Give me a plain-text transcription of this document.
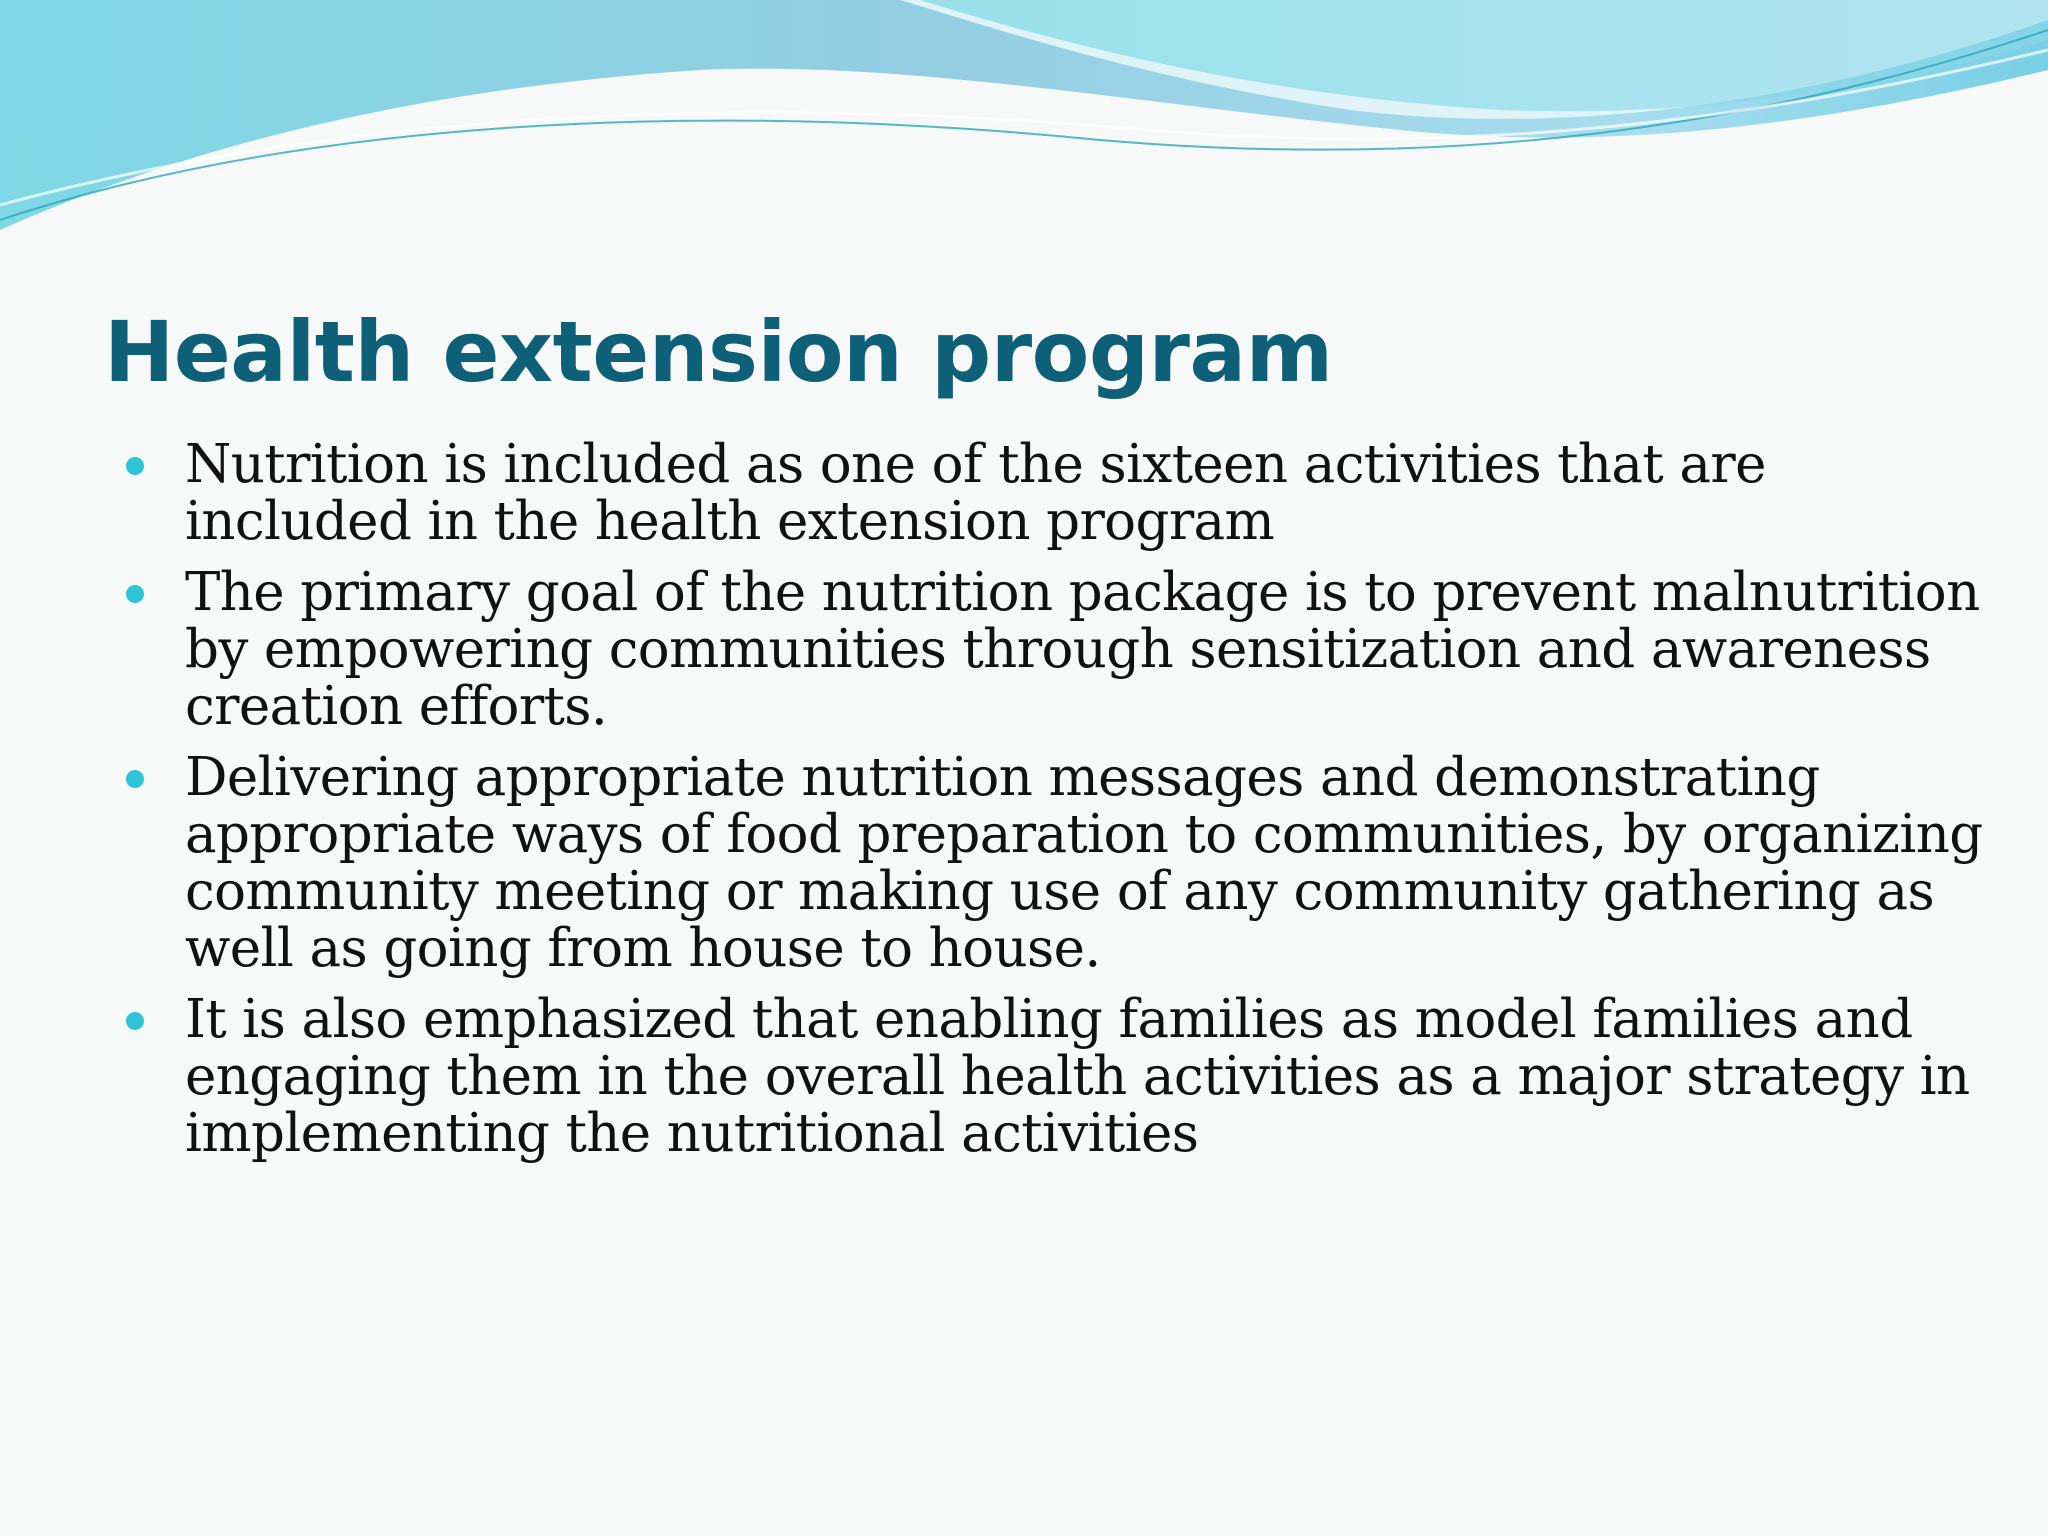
Health extension program
Nutrition is included as one of the sixteen activities that are included in the health extension program
The primary goal of the nutrition package is to prevent malnutrition by empowering communities through sensitization and awareness creation efforts.
Delivering appropriate nutrition messages and demonstrating appropriate ways of food preparation to communities, by organizing community meeting or making use of any community gathering as well as going from house to house.
It is also emphasized that enabling families as model families and engaging them in the overall health activities as a major strategy in implementing the nutritional activities
